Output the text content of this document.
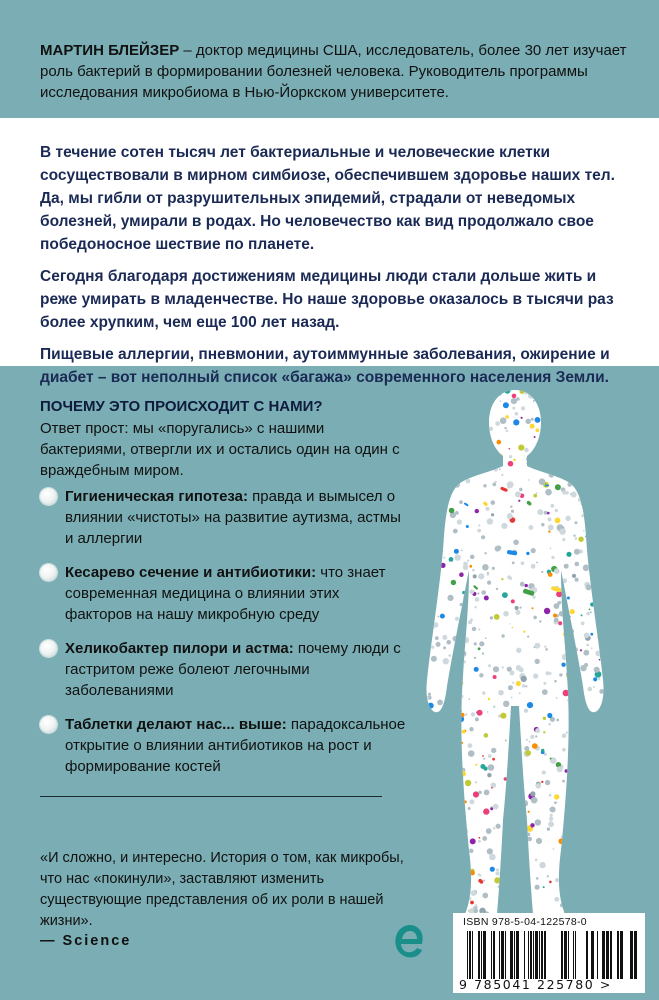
МАРТИН БЛЕЙЗЕР – доктор медицины США, исследователь, более 30 лет изучает роль бактерий в формировании болезней человека. Руководитель программы исследования микробиома в Нью-Йоркском университете.

В течение сотен тысяч лет бактериальные и человеческие клетки сосуществовали в мирном симбиозе, обеспечившем здоровье наших тел. Да, мы гибли от разрушительных эпидемий, страдали от неведомых болезней, умирали в родах. Но человечество как вид продолжало свое победоносное шествие по планете.

Сегодня благодаря достижениям медицины люди стали дольше жить и реже умирать в младенчестве. Но наше здоровье оказалось в тысячи раз более хрупким, чем еще 100 лет назад.

Пищевые аллергии, пневмонии, аутоиммунные заболевания, ожирение и диабет – вот неполный список «багажа» современного населения Земли.

ПОЧЕМУ ЭТО ПРОИСХОДИТ С НАМИ?
Ответ прост: мы «поругались» с нашими бактериями, отвергли их и остались один на один с враждебным миром.
Гигиеническая гипотеза: правда и вымысел о влиянии «чистоты» на развитие аутизма, астмы и аллергии
Кесарево сечение и антибиотики: что знает современная медицина о влиянии этих факторов на нашу микробную среду
Хеликобактер пилори и астма: почему люди с гастритом реже болеют легочными заболеваниями
Таблетки делают нас... выше: парадоксальное открытие о влиянии антибиотиков на рост и формирование костей
«И сложно, и интересно. История о том, как микробы, что нас «покинули», заставляют изменить существующие представления об их роли в нашей жизни».
— Science
ISBN 978-5-04-122578-0
9 785041 225780 >
